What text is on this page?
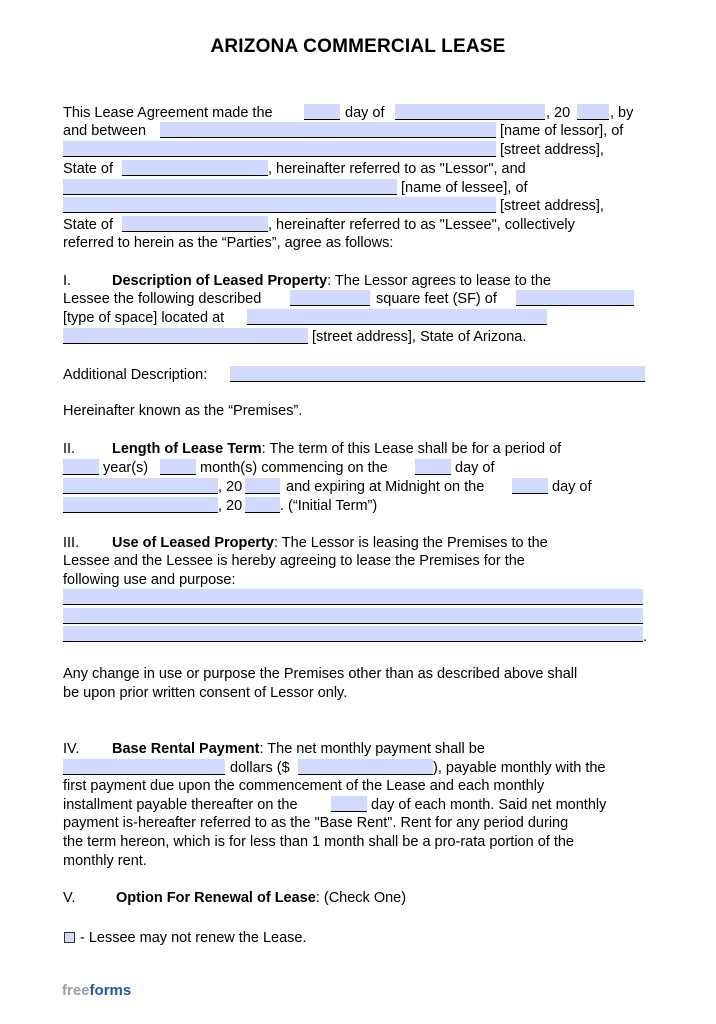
ARIZONA COMMERCIAL LEASE
This Lease Agreement made the	day of	, 20	, by
and between	[name of lessor], of
[street address],
State of	, hereinafter referred to as "Lessor", and
[name of lessee], of
[street address],
State of	, hereinafter referred to as "Lessee", collectively
referred to herein as the “Parties”, agree as follows:
I.	Description of Leased Property: The Lessor agrees to lease to the
Lessee the following described	square feet (SF) of
[type of space] located at
[street address], State of Arizona.
Additional Description:
Hereinafter known as the “Premises”.
II.	Length of Lease Term: The term of this Lease shall be for a period of
year(s)	month(s) commencing on the	day of
, 20	and expiring at Midnight on the	day of
, 20	. (“Initial Term”)
III. Use of Leased Property: The Lessor is leasing the Premises to the
Lessee and the Lessee is hereby agreeing to lease the Premises for the
following use and purpose:
.
Any change in use or purpose the Premises other than as described above shall
be upon prior written consent of Lessor only.
IV. Base Rental Payment: The net monthly payment shall be
dollars ($	), payable monthly with the
first payment due upon the commencement of the Lease and each monthly
installment payable thereafter on the	day of each month. Said net monthly
payment is-hereafter referred to as the "Base Rent". Rent for any period during
the term hereon, which is for less than 1 month shall be a pro-rata portion of the
monthly rent.
V.	Option For Renewal of Lease: (Check One)
- Lessee may not renew the Lease.
freeforms
